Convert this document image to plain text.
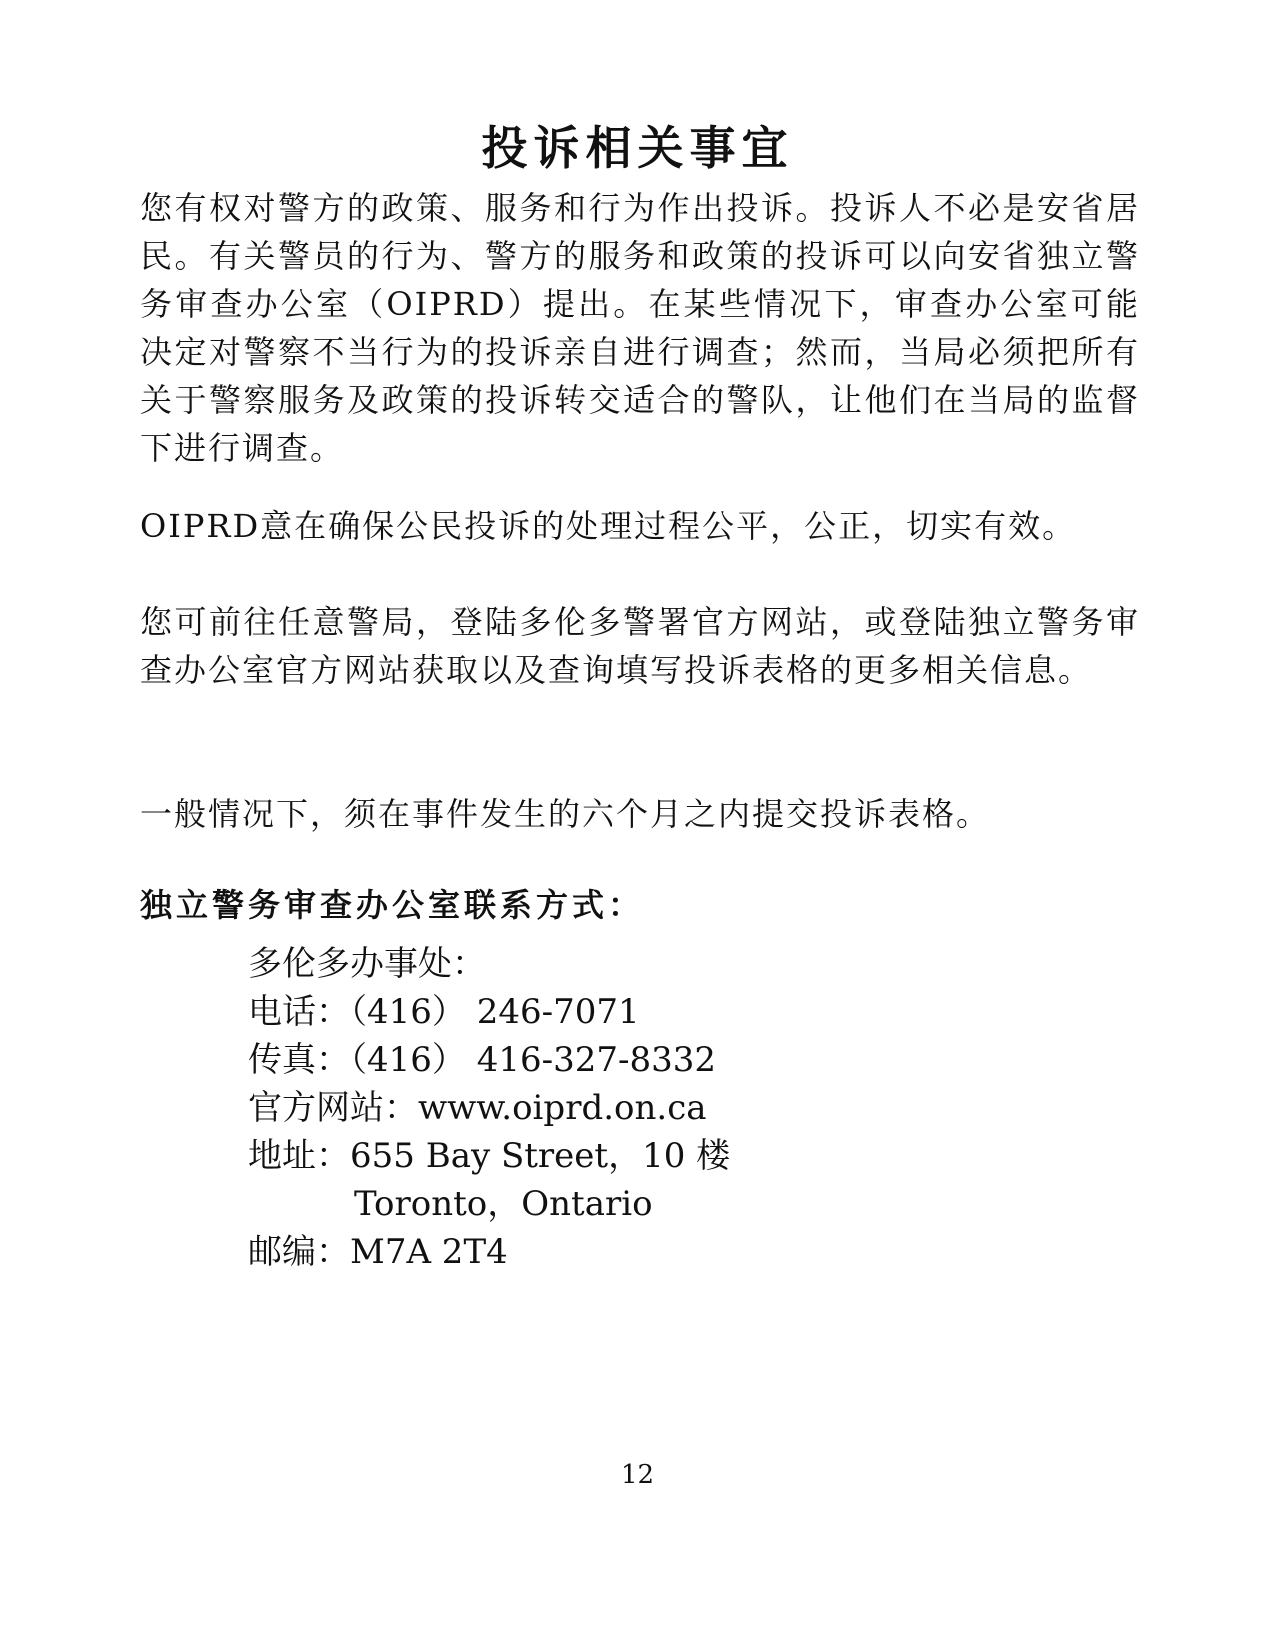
投诉相关事宜

您有权对警方的政策、服务和行为作出投诉。投诉人不必是安省居民。有关警员的行为、警方的服务和政策的投诉可以向安省独立警务审查办公室（OIPRD）提出。在某些情况下，审查办公室可能决定对警察不当行为的投诉亲自进行调查；然而，当局必须把所有关于警察服务及政策的投诉转交适合的警队，让他们在当局的监督下进行调查。

OIPRD意在确保公民投诉的处理过程公平，公正，切实有效。

您可前往任意警局，登陆多伦多警署官方网站，或登陆独立警务审查办公室官方网站获取以及查询填写投诉表格的更多相关信息。

一般情况下，须在事件发生的六个月之内提交投诉表格。

独立警务审查办公室联系方式：
多伦多办事处：
电话：（416） 246-7071
传真：（416） 416-327-8332
官方网站：www.oiprd.on.ca
地址：655 Bay Street，10 楼
Toronto，Ontario
邮编：M7A 2T4
12
